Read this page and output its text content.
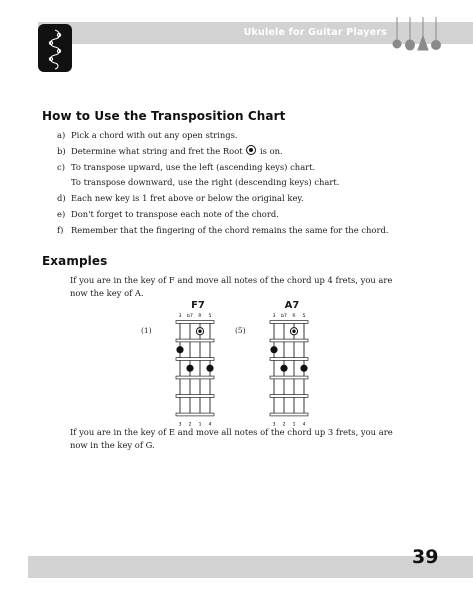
Ukulele for Guitar Players
How to Use the Transposition Chart
a) Pick a chord with out any open strings.
b) Determine what string and fret the Root is on.
c) To transpose upward, use the left (ascending keys) chart.
To transpose downward, use the right (descending keys) chart.
d) Each new key is 1 fret above or below the original key.
e) Don't forget to transpose each note of the chord.
f) Remember that the fingering of the chord remains the same for the chord.
Examples

If you are in the key of F and move all notes of the chord up 4 frets, you are now the key of A.

F7
(1)
3 b7 R 5
3 2 1 4
A7
(5)
3 b7 R 5
3 2 1 4

If you are in the key of E and move all notes of the chord up 3 frets, you are now in the key of G.

39
